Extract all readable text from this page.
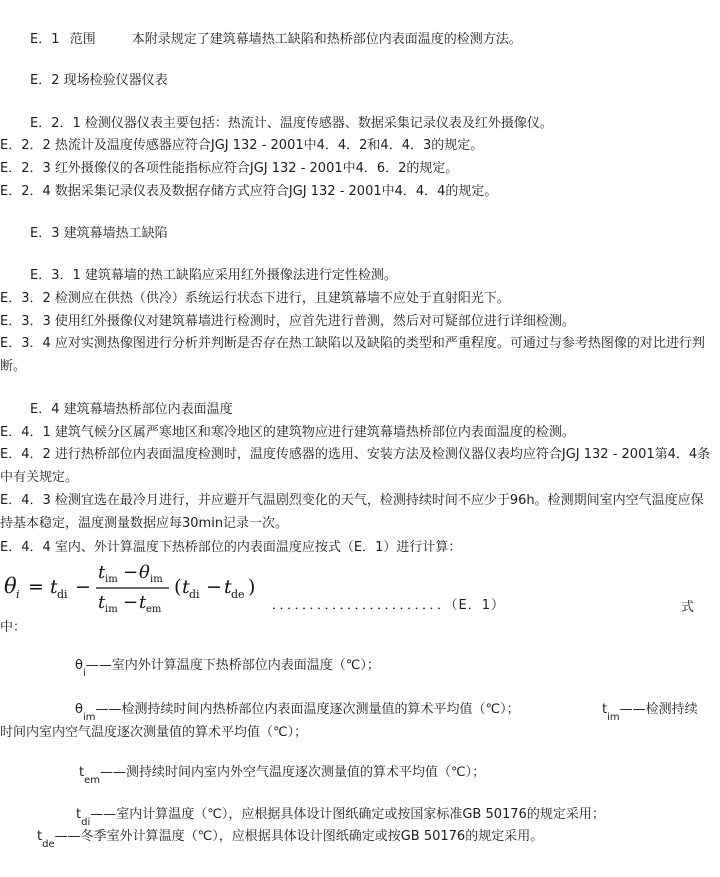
E．1 范围	本附录规定了建筑幕墙热工缺陷和热桥部位内表面温度的检测方法。
E．2 现场检验仪器仪表
E．2．1 检测仪器仪表主要包括：热流计、温度传感器、数据采集记录仪表及红外摄像仪。
E．2．2 热流计及温度传感器应符合JGJ 132 - 2001中4．4．2和4．4．3的规定。
E．2．3 红外摄像仪的各项性能指标应符合JGJ 132 - 2001中4．6．2的规定。
E．2．4 数据采集记录仪表及数据存储方式应符合JGJ 132 - 2001中4．4．4的规定。
E．3 建筑幕墙热工缺陷
E．3．1 建筑幕墙的热工缺陷应采用红外摄像法进行定性检测。
E．3．2 检测应在供热（供冷）系统运行状态下进行，且建筑幕墙不应处于直射阳光下。
E．3．3 使用红外摄像仪对建筑幕墙进行检测时，应首先进行普测，然后对可疑部位进行详细检测。
E．3．4 应对实测热像图进行分析并判断是否存在热工缺陷以及缺陷的类型和严重程度。可通过与参考热图像的对比进行判断。
E．4 建筑幕墙热桥部位内表面温度
E．4．1 建筑气候分区属严寒地区和寒冷地区的建筑物应进行建筑幕墙热桥部位内表面温度的检测。
E．4．2 进行热桥部位内表面温度检测时，温度传感器的选用、安装方法及检测仪器仪表均应符合JGJ 132 - 2001第4．4条中有关规定。
E．4．3 检测宜选在最冷月进行，并应避开气温剧烈变化的天气，检测持续时间不应少于96h。检测期间室内空气温度应保持基本稳定，温度测量数据应每30min记录一次。
E．4．4 室内、外计算温度下热桥部位的内表面温度应按式（E．1）进行计算：
θ i = t di −
t im − θ im
t im − t em
( t di − t de )
．．．．．．．．．．．．．．．．．．．．．．．（E．1）	式
中：
$\theta_i——$室内外计算温度下热桥部位内表面温度（℃）；
$\theta_{im}——$检测持续时间内热桥部位内表面温度逐次测量值的算术平均值（℃）；	$t_{im}——$检测持续
时间内室内空气温度逐次测量值的算术平均值（℃）；
$t_{em}——$测持续时间内室内外空气温度逐次测量值的算术平均值（℃）；
$t_{di}——$室内计算温度（℃），应根据具体设计图纸确定或按国家标准GB 50176的规定采用；
$t_{de}——$冬季室外计算温度（℃），应根据具体设计图纸确定或按GB 50176的规定采用。
